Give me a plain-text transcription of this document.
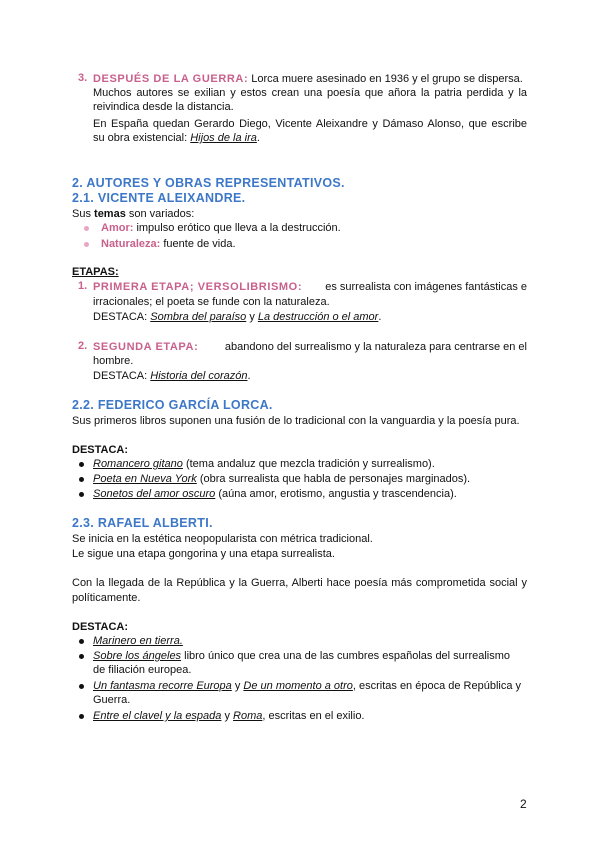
3. DESPUÉS DE LA GUERRA: Lorca muere asesinado en 1936 y el grupo se dispersa.
Muchos autores se exilian y estos crean una poesía que añora la patria perdida y la
reivindica desde la distancia.
En España quedan Gerardo Diego, Vicente Aleixandre y Dámaso Alonso, que escribe
su obra existencial: Hijos de la ira.
2. AUTORES Y OBRAS REPRESENTATIVOS.
2.1. VICENTE ALEIXANDRE.
Sus temas son variados:
Amor: impulso erótico que lleva a la destrucción.
Naturaleza: fuente de vida.
ETAPAS:
1. PRIMERA ETAPA; VERSOLIBRISMO: es surrealista con imágenes fantásticas e
irracionales; el poeta se funde con la naturaleza.
DESTACA: Sombra del paraíso y La destrucción o el amor.
2. SEGUNDA ETAPA: abandono del surrealismo y la naturaleza para centrarse en el
hombre.
DESTACA: Historia del corazón.
2.2. FEDERICO GARCÍA LORCA.
Sus primeros libros suponen una fusión de lo tradicional con la vanguardia y la poesía pura.
DESTACA:
Romancero gitano (tema andaluz que mezcla tradición y surrealismo).
Poeta en Nueva York (obra surrealista que habla de personajes marginados).
Sonetos del amor oscuro (aúna amor, erotismo, angustia y trascendencia).
2.3. RAFAEL ALBERTI.
Se inicia en la estética neopopularista con métrica tradicional.
Le sigue una etapa gongorina y una etapa surrealista.
Con la llegada de la República y la Guerra, Alberti hace poesía más comprometida social y
políticamente.
DESTACA:
Marinero en tierra.
Sobre los ángeles libro único que crea una de las cumbres españolas del surrealismo
de filiación europea.
Un fantasma recorre Europa y De un momento a otro, escritas en época de República y
Guerra.
Entre el clavel y la espada y Roma, escritas en el exilio.
2
